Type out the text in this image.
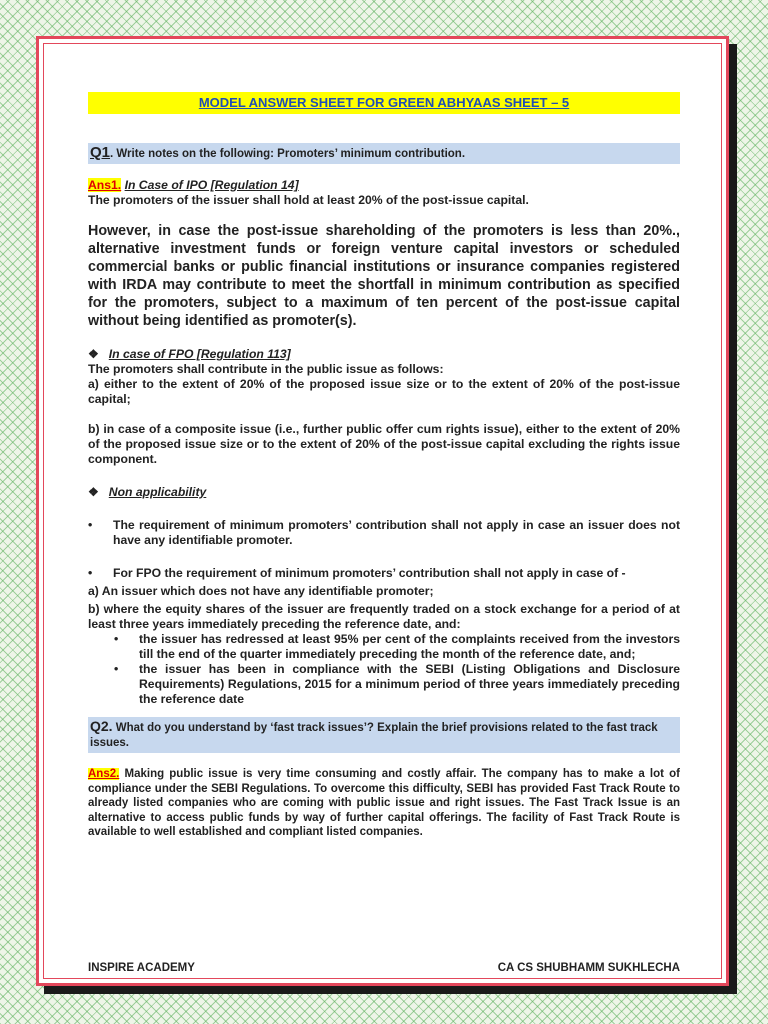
MODEL ANSWER SHEET FOR GREEN ABHYAAS SHEET – 5
Q1. Write notes on the following: Promoters’ minimum contribution.

Ans1. In Case of IPO [Regulation 14]

The promoters of the issuer shall hold at least 20% of the post-issue capital.

However, in case the post-issue shareholding of the promoters is less than 20%., alternative investment funds or foreign venture capital investors or scheduled commercial banks or public financial institutions or insurance companies registered with IRDA may contribute to meet the shortfall in minimum contribution as specified for the promoters, subject to a maximum of ten percent of the post-issue capital without being identified as promoter(s).

❖ In case of FPO [Regulation 113]

The promoters shall contribute in the public issue as follows:

a) either to the extent of 20% of the proposed issue size or to the extent of 20% of the post-issue capital;

b) in case of a composite issue (i.e., further public offer cum rights issue), either to the extent of 20% of the proposed issue size or to the extent of 20% of the post-issue capital excluding the rights issue component.

❖ Non applicability

•	The requirement of minimum promoters’ contribution shall not apply in case an issuer does not have any identifiable promoter.
•	For FPO the requirement of minimum promoters’ contribution shall not apply in case of -

a) An issuer which does not have any identifiable promoter;

b) where the equity shares of the issuer are frequently traded on a stock exchange for a period of at least three years immediately preceding the reference date, and:

•	the issuer has redressed at least 95% per cent of the complaints received from the investors till the end of the quarter immediately preceding the month of the reference date, and;
•	the issuer has been in compliance with the SEBI (Listing Obligations and Disclosure Requirements) Regulations, 2015 for a minimum period of three years immediately preceding the reference date
Q2. What do you understand by ‘fast track issues’? Explain the brief provisions related to the fast track issues.

Ans2. Making public issue is very time consuming and costly affair. The company has to make a lot of compliance under the SEBI Regulations. To overcome this difficulty, SEBI has provided Fast Track Route to already listed companies who are coming with public issue and right issues. The Fast Track Issue is an alternative to access public funds by way of further capital offerings. The facility of Fast Track Route is available to well established and compliant listed companies.

INSPIRE ACADEMY	CA CS SHUBHAMM SUKHLECHA
